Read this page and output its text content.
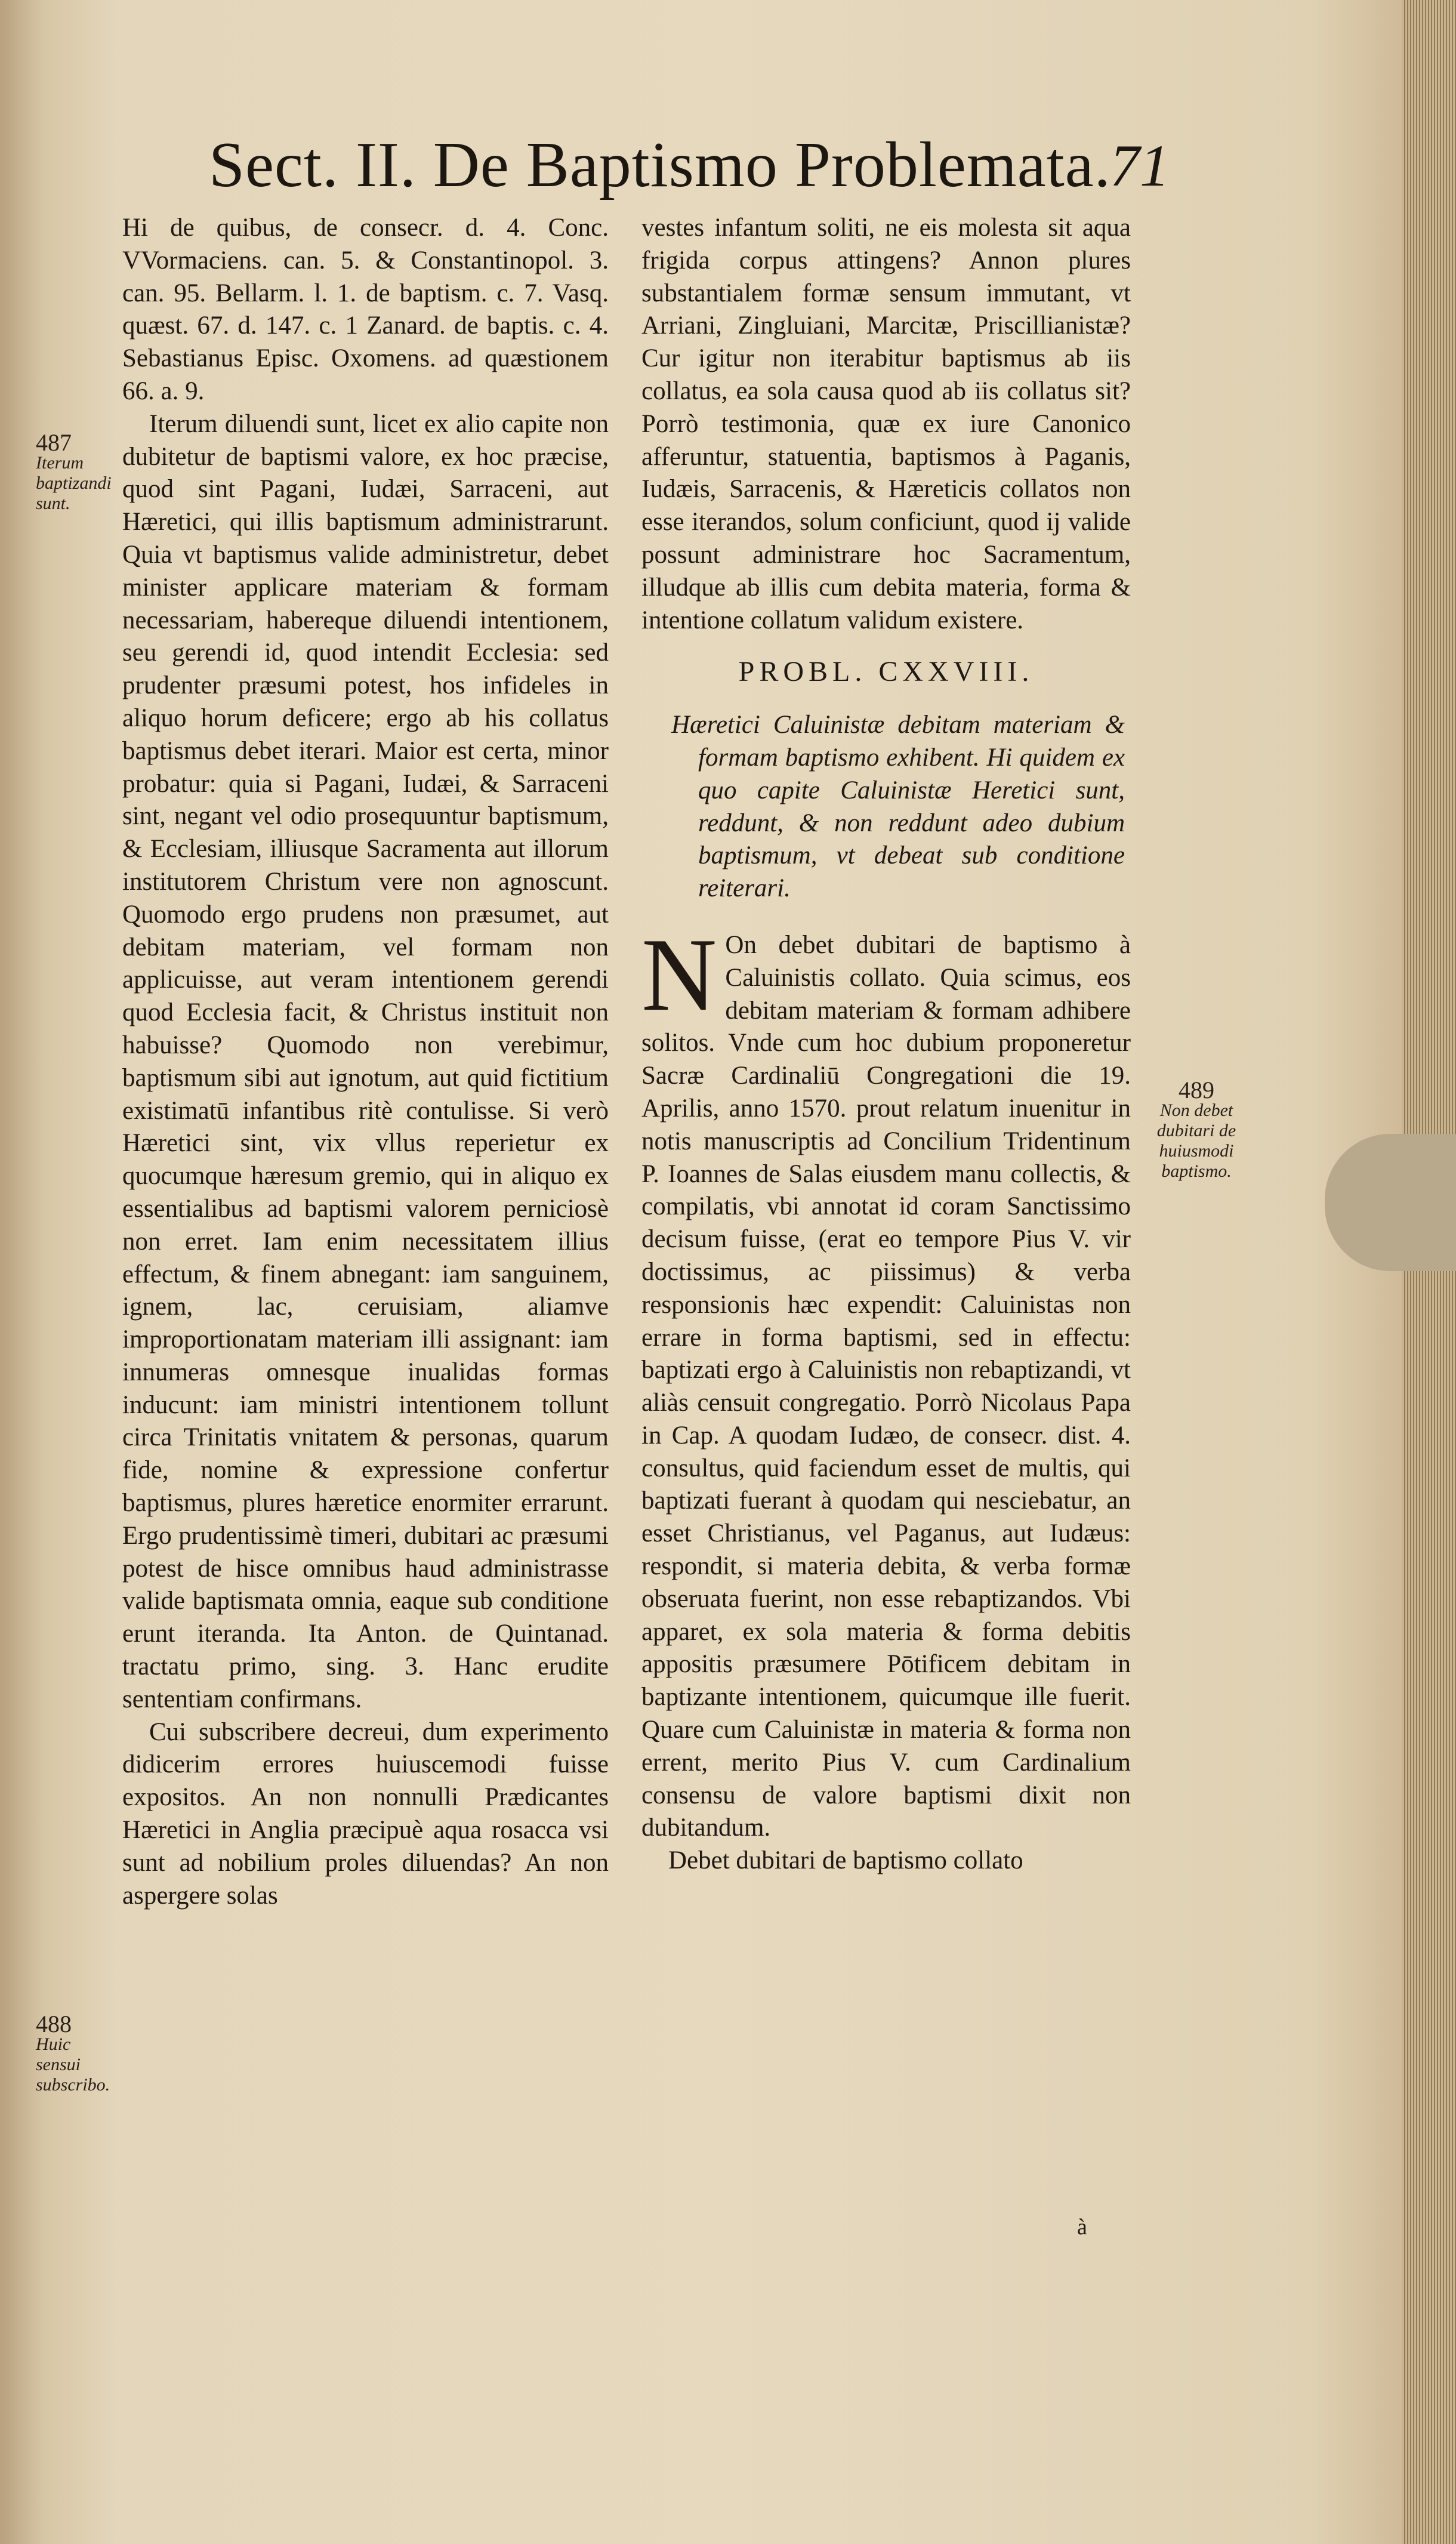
Sect. II. De Baptismo Problemata.
71

Hi de quibus, de consecr. d. 4. Conc. VVormaciens. can. 5. & Constantinopol. 3. can. 95. Bellarm. l. 1. de baptism. c. 7. Vasq. quæst. 67. d. 147. c. 1 Zanard. de baptis. c. 4. Sebastianus Episc. Oxomens. ad quæstionem 66. a. 9.

Iterum diluendi sunt, licet ex alio capite non dubitetur de baptismi valore, ex hoc præcise, quod sint Pagani, Iudæi, Sarraceni, aut Hæretici, qui illis baptismum administrarunt. Quia vt baptismus valide administretur, debet minister applicare materiam & formam necessariam, habereque diluendi intentionem, seu gerendi id, quod intendit Ecclesia: sed prudenter præsumi potest, hos infideles in aliquo horum deficere; ergo ab his collatus baptismus debet iterari. Maior est certa, minor probatur: quia si Pagani, Iudæi, & Sarraceni sint, negant vel odio prosequuntur baptismum, & Ecclesiam, illiusque Sacramenta aut illorum institutorem Christum vere non agnoscunt. Quomodo ergo prudens non præsumet, aut debitam materiam, vel formam non applicuisse, aut veram intentionem gerendi quod Ecclesia facit, & Christus instituit non habuisse? Quomodo non verebimur, baptismum sibi aut ignotum, aut quid fictitium existimatū infantibus ritè contulisse. Si verò Hæretici sint, vix vllus reperietur ex quocumque hæresum gremio, qui in aliquo ex essentialibus ad baptismi valorem perniciosè non erret. Iam enim necessitatem illius effectum, & finem abnegant: iam sanguinem, ignem, lac, ceruisiam, aliamve improportionatam materiam illi assignant: iam innumeras omnesque inualidas formas inducunt: iam ministri intentionem tollunt circa Trinitatis vnitatem & personas, quarum fide, nomine & expressione confertur baptismus, plures hæretice enormiter errarunt. Ergo prudentissimè timeri, dubitari ac præsumi potest de hisce omnibus haud administrasse valide baptismata omnia, eaque sub conditione erunt iteranda. Ita Anton. de Quintanad. tractatu primo, sing. 3. Hanc erudite sententiam confirmans.

Cui subscribere decreui, dum experimento didicerim errores huiuscemodi fuisse expositos. An non nonnulli Prædicantes Hæretici in Anglia præcipuè aqua rosacca vsi sunt ad nobilium proles diluendas? An non aspergere solas

vestes infantum soliti, ne eis molesta sit aqua frigida corpus attingens? Annon plures substantialem formæ sensum immutant, vt Arriani, Zingluiani, Marcitæ, Priscillianistæ? Cur igitur non iterabitur baptismus ab iis collatus, ea sola causa quod ab iis collatus sit? Porrò testimonia, quæ ex iure Canonico afferuntur, statuentia, baptismos à Paganis, Iudæis, Sarracenis, & Hæreticis collatos non esse iterandos, solum conficiunt, quod ij valide possunt administrare hoc Sacramentum, illudque ab illis cum debita materia, forma & intentione collatum validum existere.

PROBL. CXXVIII.

Hæretici Caluinistæ debitam materiam & formam baptismo exhibent. Hi quidem ex quo capite Caluinistæ Heretici sunt, reddunt, & non reddunt adeo dubium baptismum, vt debeat sub conditione reiterari.

N On debet dubitari de baptismo à Caluinistis collato. Quia scimus, eos debitam materiam & formam adhibere solitos. Vnde cum hoc dubium proponeretur Sacræ Cardinaliū Congregationi die 19. Aprilis, anno 1570. prout relatum inuenitur in notis manuscriptis ad Concilium Tridentinum P. Ioannes de Salas eiusdem manu collectis, & compilatis, vbi annotat id coram Sanctissimo decisum fuisse, (erat eo tempore Pius V. vir doctissimus, ac piissimus) & verba responsionis hæc expendit: Caluinistas non errare in forma baptismi, sed in effectu: baptizati ergo à Caluinistis non rebaptizandi, vt aliàs censuit congregatio. Porrò Nicolaus Papa in Cap. A quodam Iudæo, de consecr. dist. 4. consultus, quid faciendum esset de multis, qui baptizati fuerant à quodam qui nesciebatur, an esset Christianus, vel Paganus, aut Iudæus: respondit, si materia debita, & verba formæ obseruata fuerint, non esse rebaptizandos. Vbi apparet, ex sola materia & forma debitis appositis præsumere Pōtificem debitam in baptizante intentionem, quicumque ille fuerit. Quare cum Caluinistæ in materia & forma non errent, merito Pius V. cum Cardinalium consensu de valore baptismi dixit non dubitandum.

Debet dubitari de baptismo collato

487
Iterum baptizandi sunt.
488
Huic sensui subscribo.
489
Non debet dubitari de huiusmodi baptismo.
à
